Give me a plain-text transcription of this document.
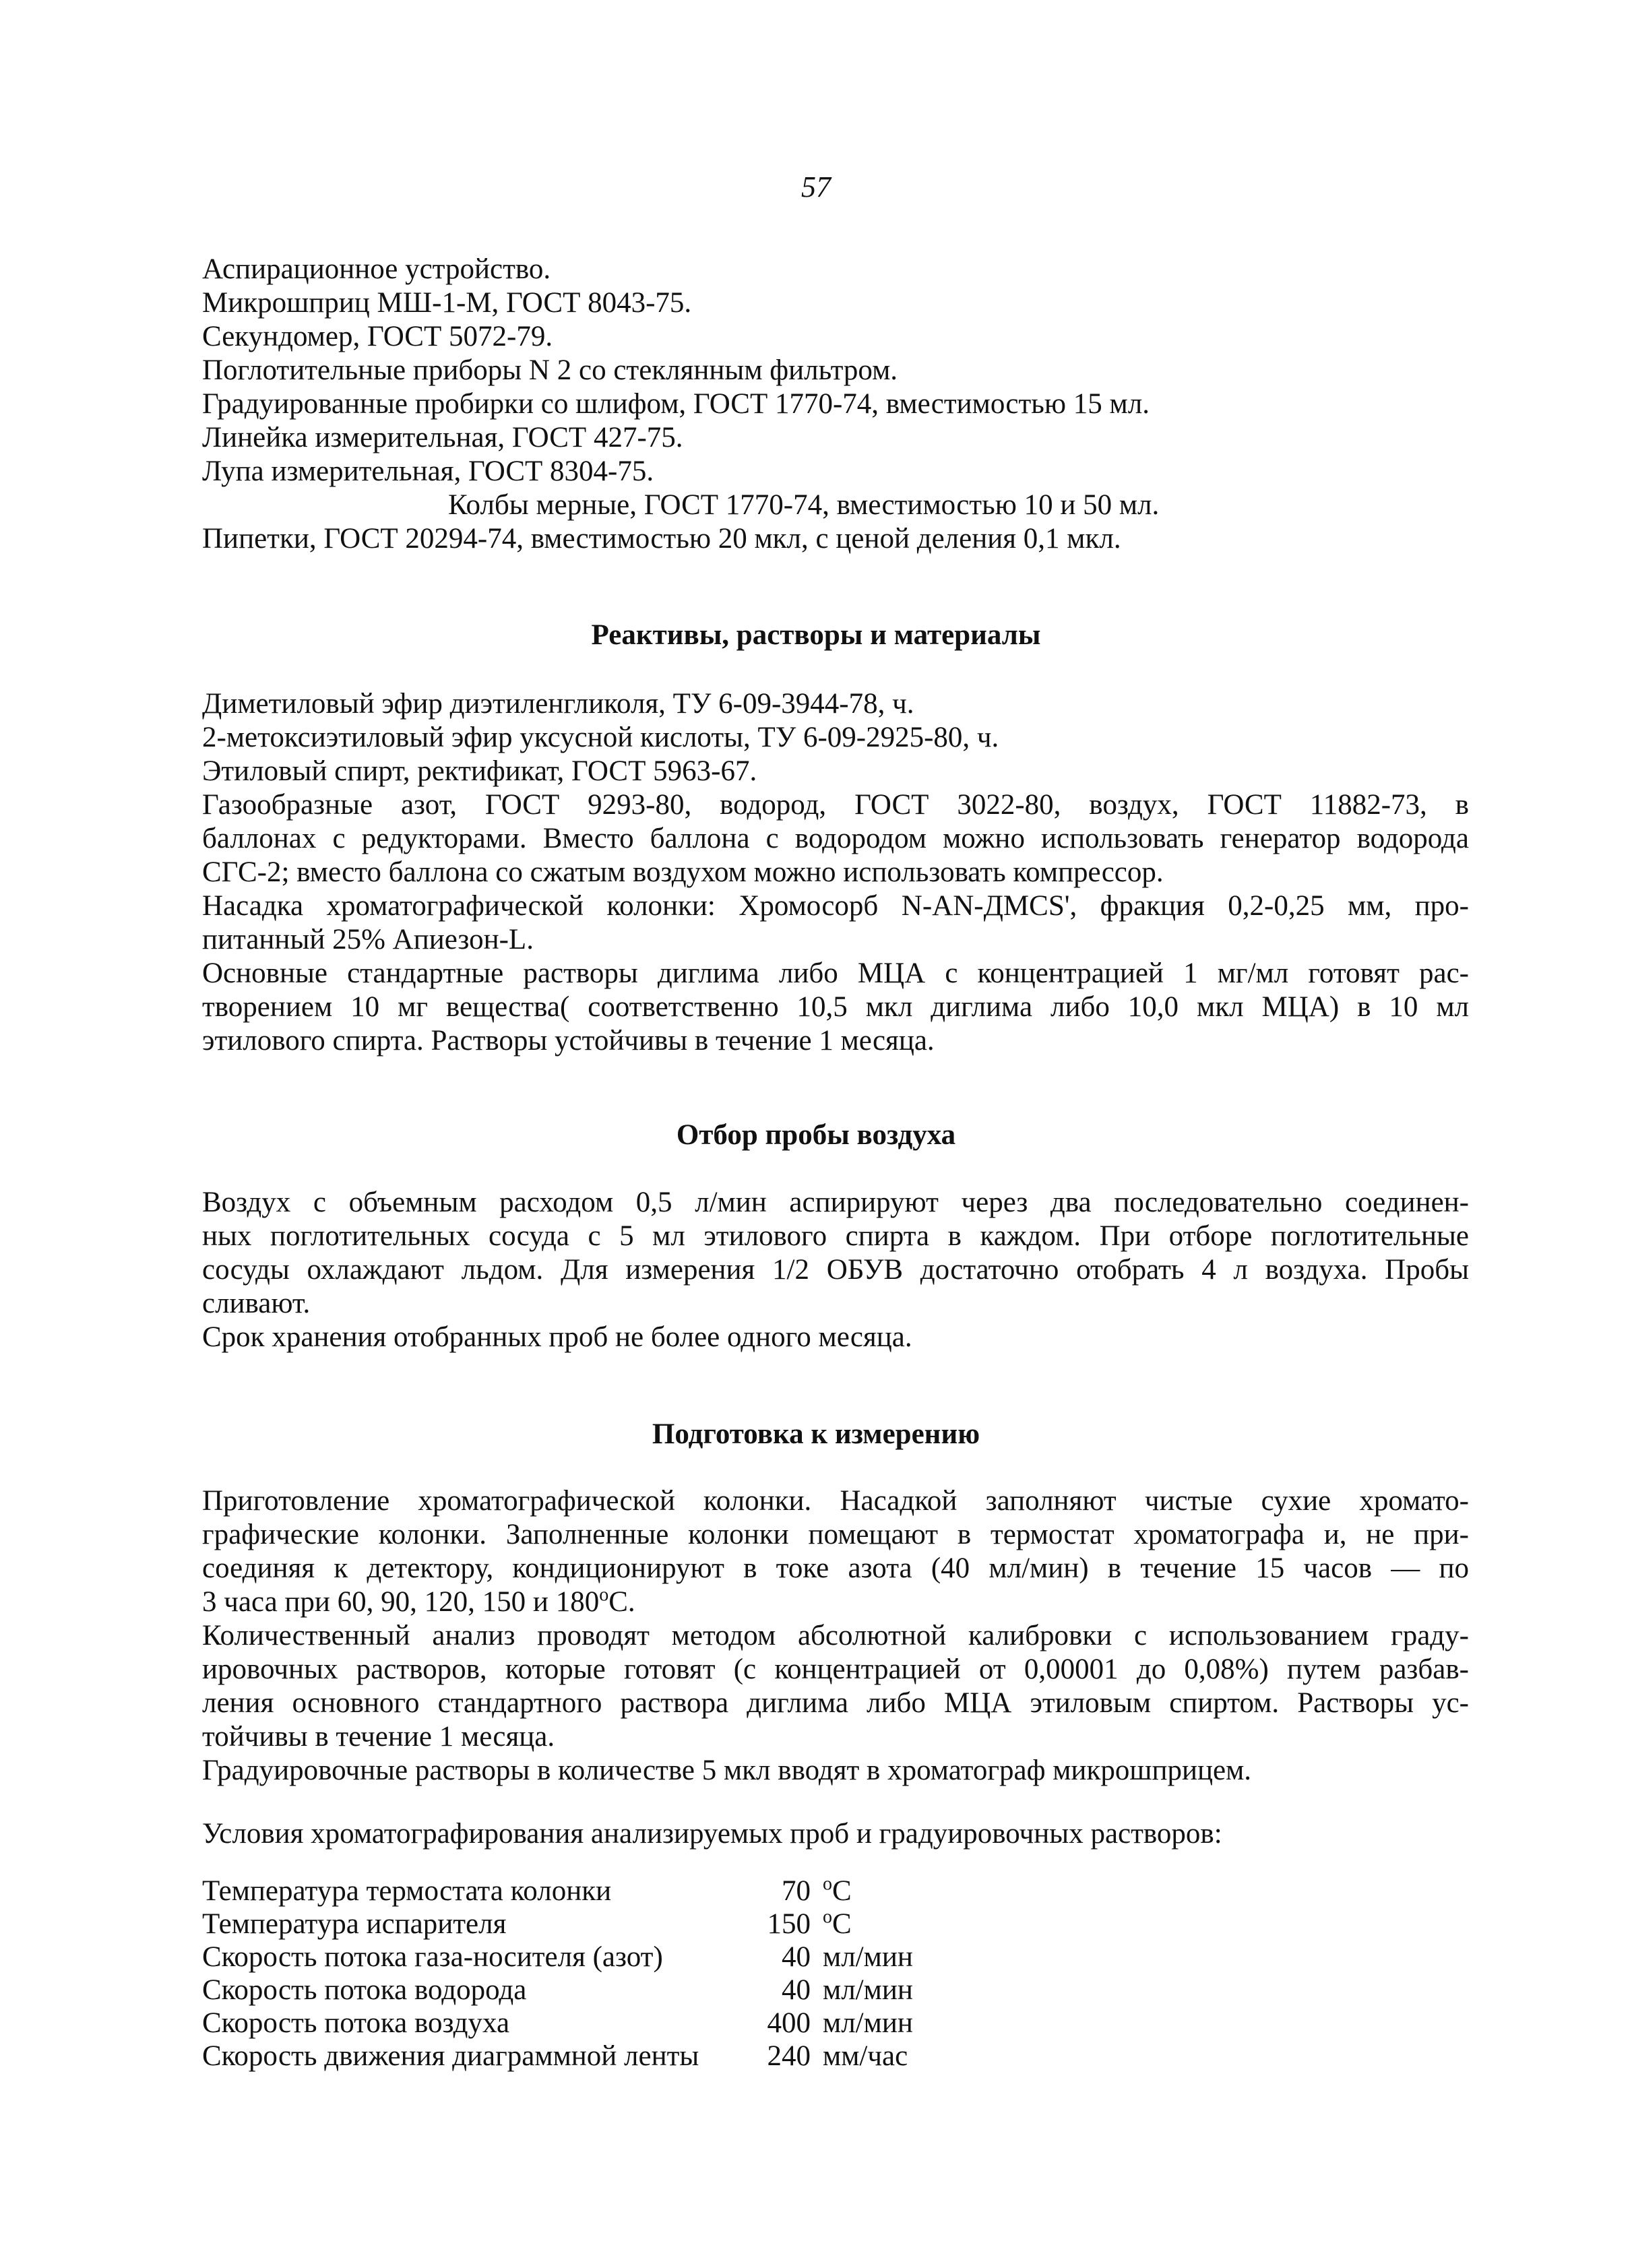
57

Аспирационное устройство.

Микрошприц МШ-1-М, ГОСТ 8043-75.

Секундомер, ГОСТ 5072-79.

Поглотительные приборы N 2 со стеклянным фильтром.

Градуированные пробирки со шлифом, ГОСТ 1770-74, вместимостью 15 мл.

Линейка измерительная, ГОСТ 427-75.

Лупа измерительная, ГОСТ 8304-75.

Колбы мерные, ГОСТ 1770-74, вместимостью 10 и 50 мл.

Пипетки, ГОСТ 20294-74, вместимостью 20 мкл, с ценой деления 0,1 мкл.

Реактивы, растворы и материалы

Диметиловый эфир диэтиленгликоля, ТУ 6-09-3944-78, ч.

2-метоксиэтиловый эфир уксусной кислоты, ТУ 6-09-2925-80, ч.

Этиловый спирт, ректификат, ГОСТ 5963-67.

Газообразные азот, ГОСТ 9293-80, водород, ГОСТ 3022-80, воздух, ГОСТ 11882-73, в

баллонах с редукторами. Вместо баллона с водородом можно использовать генератор водорода

СГС-2; вместо баллона со сжатым воздухом можно использовать компрессор.

Насадка хроматографической колонки: Хромосорб N-AN-ДMCS', фракция 0,2-0,25 мм, про-

питанный 25% Апиезон-L.

Основные стандартные растворы диглима либо МЦА с концентрацией 1 мг/мл готовят рас-

творением 10 мг вещества( соответственно 10,5 мкл диглима либо 10,0 мкл МЦА) в 10 мл

этилового спирта. Растворы устойчивы в течение 1 месяца.

Отбор пробы воздуха

Воздух с объемным расходом 0,5 л/мин аспирируют через два последовательно соединен-

ных поглотительных сосуда с 5 мл этилового спирта в каждом. При отборе поглотительные

сосуды охлаждают льдом. Для измерения 1/2 ОБУВ достаточно отобрать 4 л воздуха. Пробы

сливают.

Срок хранения отобранных проб не более одного месяца.

Подготовка к измерению

Приготовление хроматографической колонки. Насадкой заполняют чистые сухие хромато-

графические колонки. Заполненные колонки помещают в термостат хроматографа и, не при-

соединяя к детектору, кондиционируют в токе азота (40 мл/мин) в течение 15 часов — по

3 часа при 60, 90, 120, 150 и $180^оС$.

Количественный анализ проводят методом абсолютной калибровки с использованием граду-

ировочных растворов, которые готовят (с концентрацией от 0,00001 до 0,08%) путем разбав-

ления основного стандартного раствора диглима либо МЦА этиловым спиртом. Растворы ус-

тойчивы в течение 1 месяца.

Градуировочные растворы в количестве 5 мкл вводят в хроматограф микрошприцем.

Условия хроматографирования анализируемых проб и градуировочных растворов:

Температура термостата колонки	70 $^о$С
Температура испарителя	150 $^о$С
Скорость потока газа-носителя (азот)	40 мл/мин
Скорость потока водорода	40 мл/мин
Скорость потока воздуха	400 мл/мин
Скорость движения диаграммной ленты	240 мм/час
